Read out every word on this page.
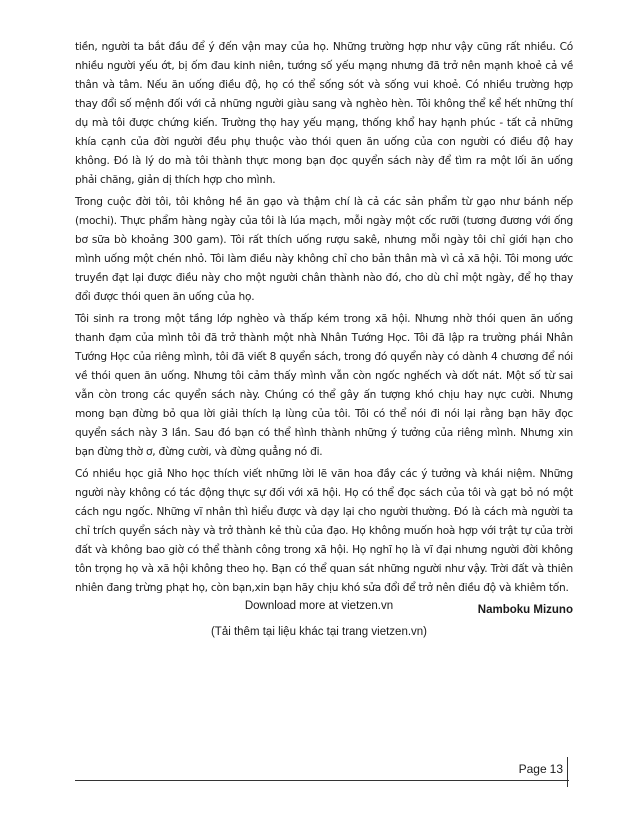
tiền, người ta bắt đầu để ý đến vận may của họ. Những trường hợp như vậy cũng rất nhiều. Có nhiều người yếu ớt, bị ốm đau kinh niên, tướng số yếu mạng nhưng đã trở nên mạnh khoẻ cả về thân và tâm. Nếu ăn uống điều độ, họ có thể sống sót và sống vui khoẻ. Có nhiều trường hợp thay đổi số mệnh đối với cả những người giàu sang và nghèo hèn. Tôi không thể kể hết những thí dụ mà tôi được chứng kiến. Trường thọ hay yếu mạng, thống khổ hay hạnh phúc - tất cả những khía cạnh của đời người đều phụ thuộc vào thói quen ăn uống của con người có điều độ hay không. Đó là lý do mà tôi thành thực mong bạn đọc quyển sách này để tìm ra một lối ăn uống phải chăng, giản dị thích hợp cho mình.

Trong cuộc đời tôi, tôi không hề ăn gạo và thậm chí là cả các sản phẩm từ gạo như bánh nếp (mochi). Thực phẩm hàng ngày của tôi là lúa mạch, mỗi ngày một cốc rưỡi (tương đương với ống bơ sữa bò khoảng 300 gam). Tôi rất thích uống rượu sakê, nhưng mỗi ngày tôi chỉ giới hạn cho mình uống một chén nhỏ. Tôi làm điều này không chỉ cho bản thân mà vì cả xã hội. Tôi mong ước truyền đạt lại được điều này cho một người chân thành nào đó, cho dù chỉ một ngày, để họ thay đổi được thói quen ăn uống của họ.

Tôi sinh ra trong một tầng lớp nghèo và thấp kém trong xã hội. Nhưng nhờ thói quen ăn uống thanh đạm của mình tôi đã trở thành một nhà Nhân Tướng Học. Tôi đã lập ra trường phái Nhân Tướng Học của riêng mình, tôi đã viết 8 quyển sách, trong đó quyển này có dành 4 chương để nói về thói quen ăn uống. Nhưng tôi cảm thấy mình vẫn còn ngốc nghếch và dốt nát. Một số từ sai vẫn còn trong các quyển sách này. Chúng có thể gây ấn tượng khó chịu hay nực cười. Nhưng mong bạn đừng bỏ qua lời giải thích lạ lùng của tôi. Tôi có thể nói đi nói lại rằng bạn hãy đọc quyển sách này 3 lần. Sau đó bạn có thể hình thành những ý tưởng của riêng mình. Nhưng xin bạn đừng thờ ơ, đừng cười, và đừng quẳng nó đi.

Có nhiều học giả Nho học thích viết những lời lẽ văn hoa đầy các ý tưởng và khái niệm. Những người này không có tác động thực sự đối với xã hội. Họ có thể đọc sách của tôi và gạt bỏ nó một cách ngu ngốc. Những vĩ nhân thì hiểu được và dạy lại cho người thường. Đó là cách mà người ta chỉ trích quyển sách này và trở thành kẻ thù của đạo. Họ không muốn hoà hợp với trật tự của trời đất và không bao giờ có thể thành công trong xã hội. Họ nghĩ họ là vĩ đại nhưng người đời không tôn trọng họ và xã hội không theo họ. Bạn có thể quan sát những người như vậy. Trời đất và thiên nhiên đang trừng phạt họ, còn bạn,xin bạn hãy chịu khó sửa đổi để trở nên điều độ và khiêm tốn.

Namboku Mizuno

Download more at vietzen.vn
(Tải thêm tại liệu khác tại trang vietzen.vn)
Page 13
